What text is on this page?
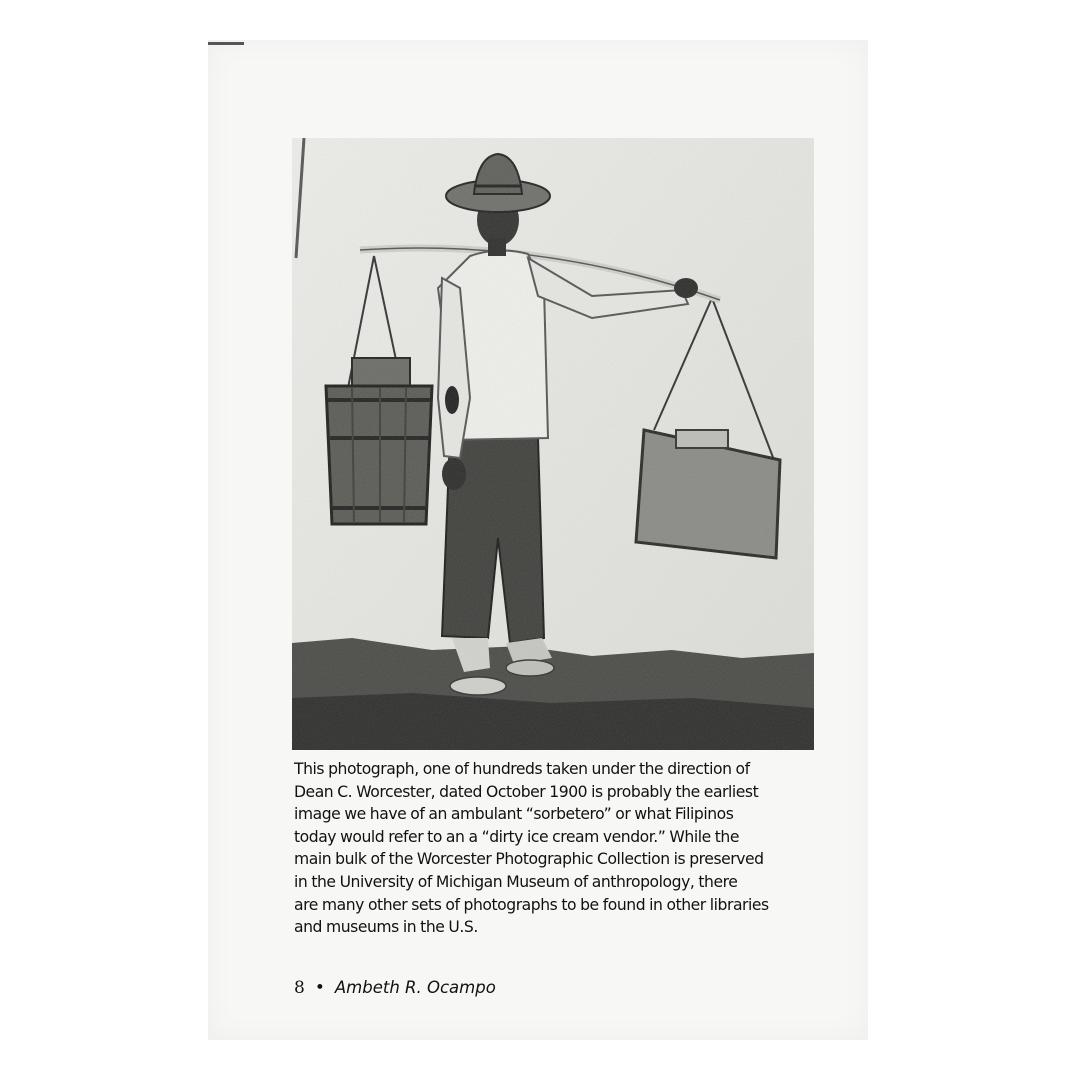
This photograph, one of hundreds taken under the direction of
Dean C. Worcester, dated October 1900 is probably the earliest
image we have of an ambulant “sorbetero” or what Filipinos
today would refer to an a “dirty ice cream vendor.” While the
main bulk of the Worcester Photographic Collection is preserved
in the University of Michigan Museum of anthropology, there
are many other sets of photographs to be found in other libraries
and museums in the U.S.

8 • Ambeth R. Ocampo
